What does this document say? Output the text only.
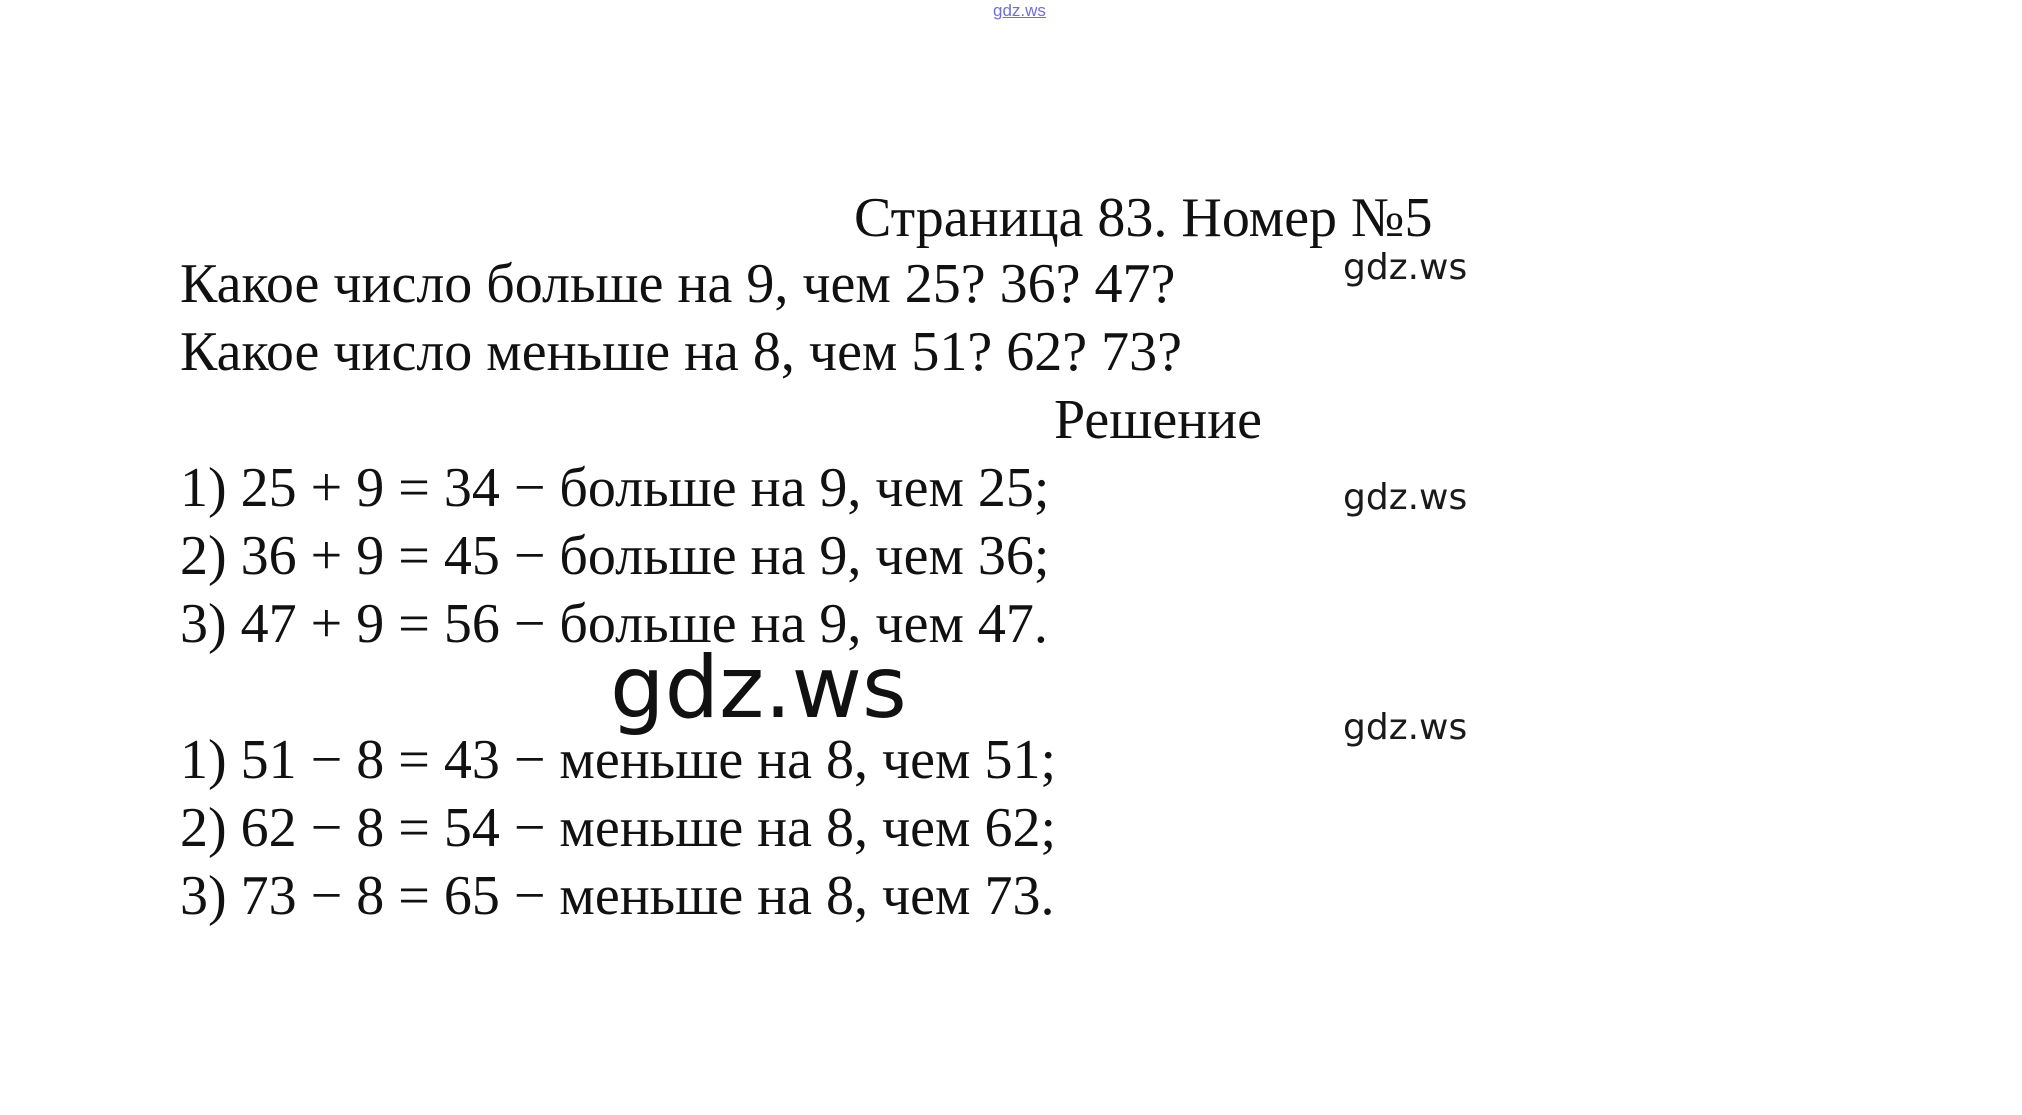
gdz.ws
Страница 83. Номер №5
Какое число больше на 9, чем 25? 36? 47?
Какое число меньше на 8, чем 51? 62? 73?
Решение
1) 25 + 9 = 34 − больше на 9, чем 25;
2) 36 + 9 = 45 − больше на 9, чем 36;
3) 47 + 9 = 56 − больше на 9, чем 47.
gdz.ws
1) 51 − 8 = 43 − меньше на 8, чем 51;
2) 62 − 8 = 54 − меньше на 8, чем 62;
3) 73 − 8 = 65 − меньше на 8, чем 73.
gdz.ws
gdz.ws
gdz.ws
